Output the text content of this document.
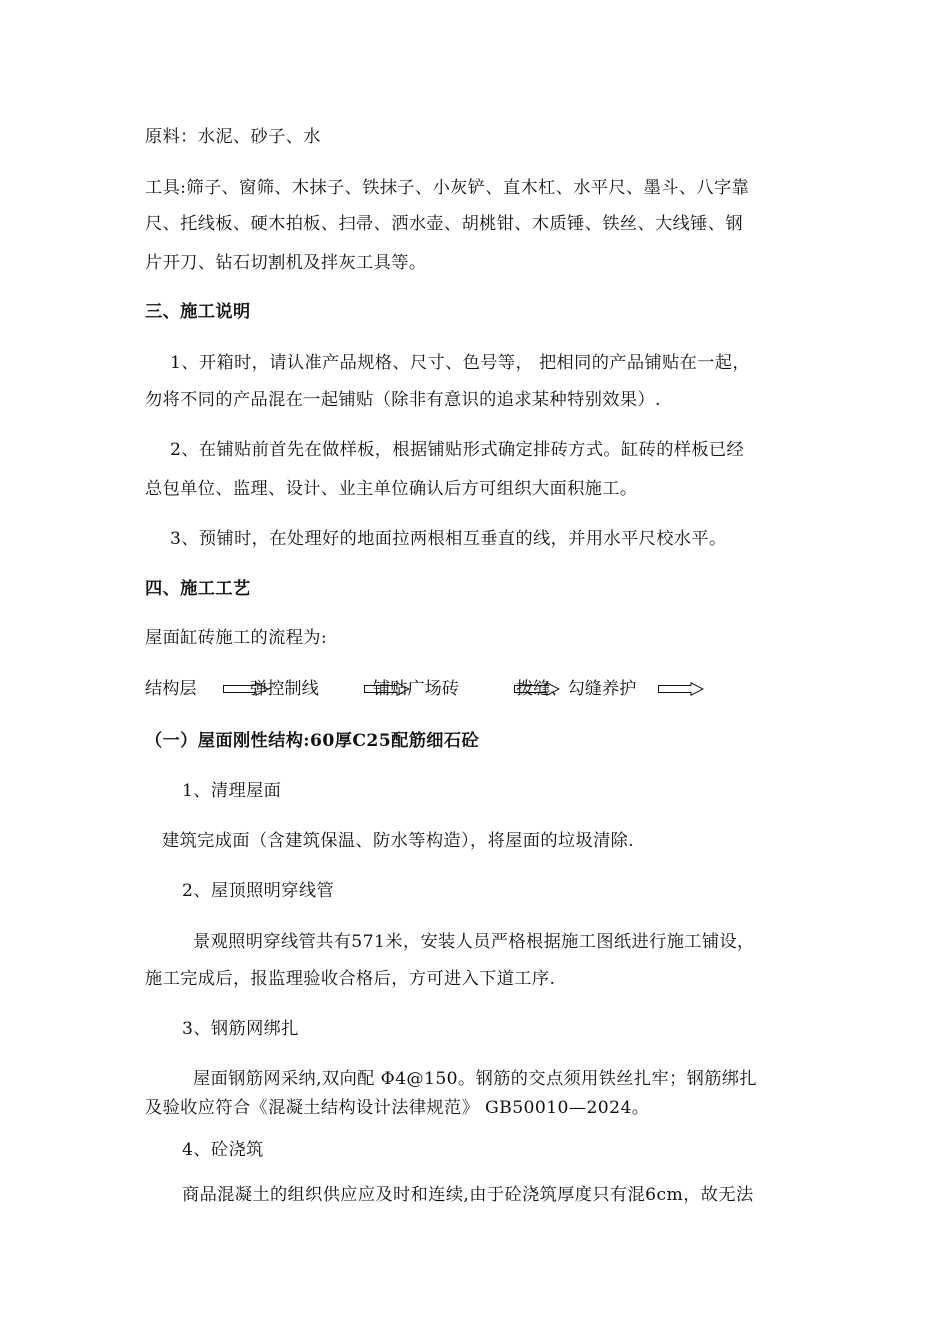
原料：水泥、砂子、水
工具:筛子、窗筛、木抹子、铁抹子、小灰铲、直木杠、水平尺、墨斗、八字靠
尺、托线板、硬木拍板、扫帚、洒水壶、胡桃钳、木质锤、铁丝、大线锤、钢
片开刀、钻石切割机及拌灰工具等。
三、施工说明
1、开箱时，请认准产品规格、尺寸、色号等， 把相同的产品铺贴在一起，
勿将不同的产品混在一起铺贴（除非有意识的追求某种特别效果）.
2、在铺贴前首先在做样板，根据铺贴形式确定排砖方式。缸砖的样板已经
总包单位、监理、设计、业主单位确认后方可组织大面积施工。
3、预铺时，在处理好的地面拉两根相互垂直的线，并用水平尺校水平。
四、施工工艺
屋面缸砖施工的流程为:
结构层	弹控制线	铺贴广场砖	拨缝、勾缝养护
（一）屋面刚性结构:60厚C25配筋细石砼
1、清理屋面
建筑完成面（含建筑保温、防水等构造），将屋面的垃圾清除.
2、屋顶照明穿线管
景观照明穿线管共有571米，安装人员严格根据施工图纸进行施工铺设，
施工完成后，报监理验收合格后，方可进入下道工序.
3、钢筋网绑扎
屋面钢筋网采纳,双向配 Φ4@150。钢筋的交点须用铁丝扎牢；钢筋绑扎
及验收应符合《混凝土结构设计法律规范》 GB50010—2024。
4、砼浇筑
商品混凝土的组织供应应及时和连续,由于砼浇筑厚度只有混6cm，故无法
